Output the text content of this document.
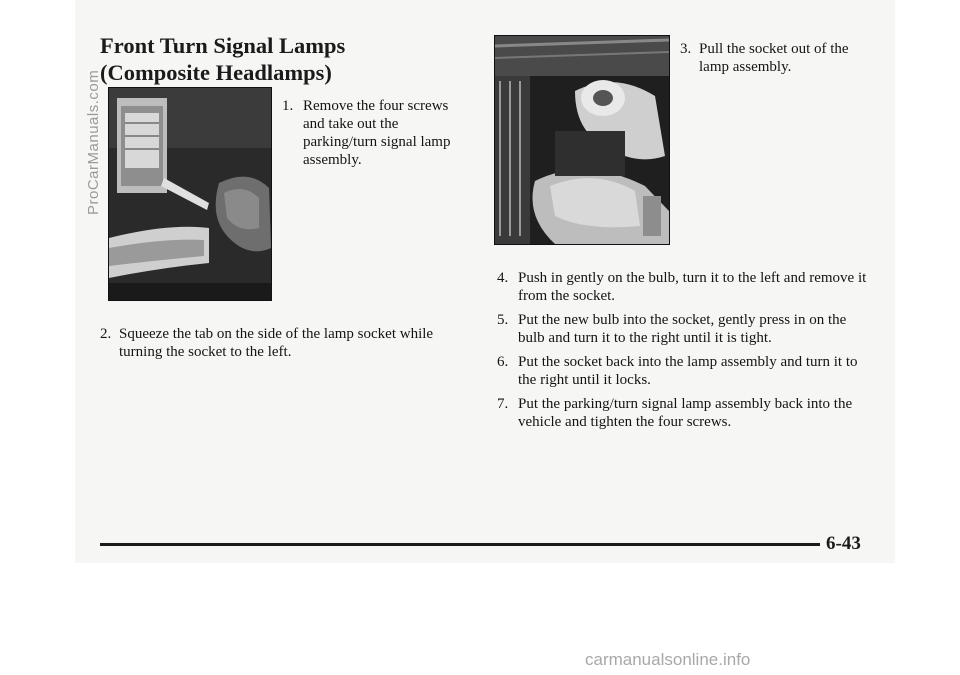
Front Turn Signal Lamps
(Composite Headlamps)
1. Remove the four screws and take out the parking/turn signal lamp assembly.
2. Squeeze the tab on the side of the lamp socket while turning the socket to the left.
3. Pull the socket out of the lamp assembly.
4. Push in gently on the bulb, turn it to the left and remove it from the socket.
5. Put the new bulb into the socket, gently press in on the bulb and turn it to the right until it is tight.
6. Put the socket back into the lamp assembly and turn it to the right until it locks.
7. Put the parking/turn signal lamp assembly back into the vehicle and tighten the four screws.
6-43
ProCarManuals.com
carmanualsonline.info
